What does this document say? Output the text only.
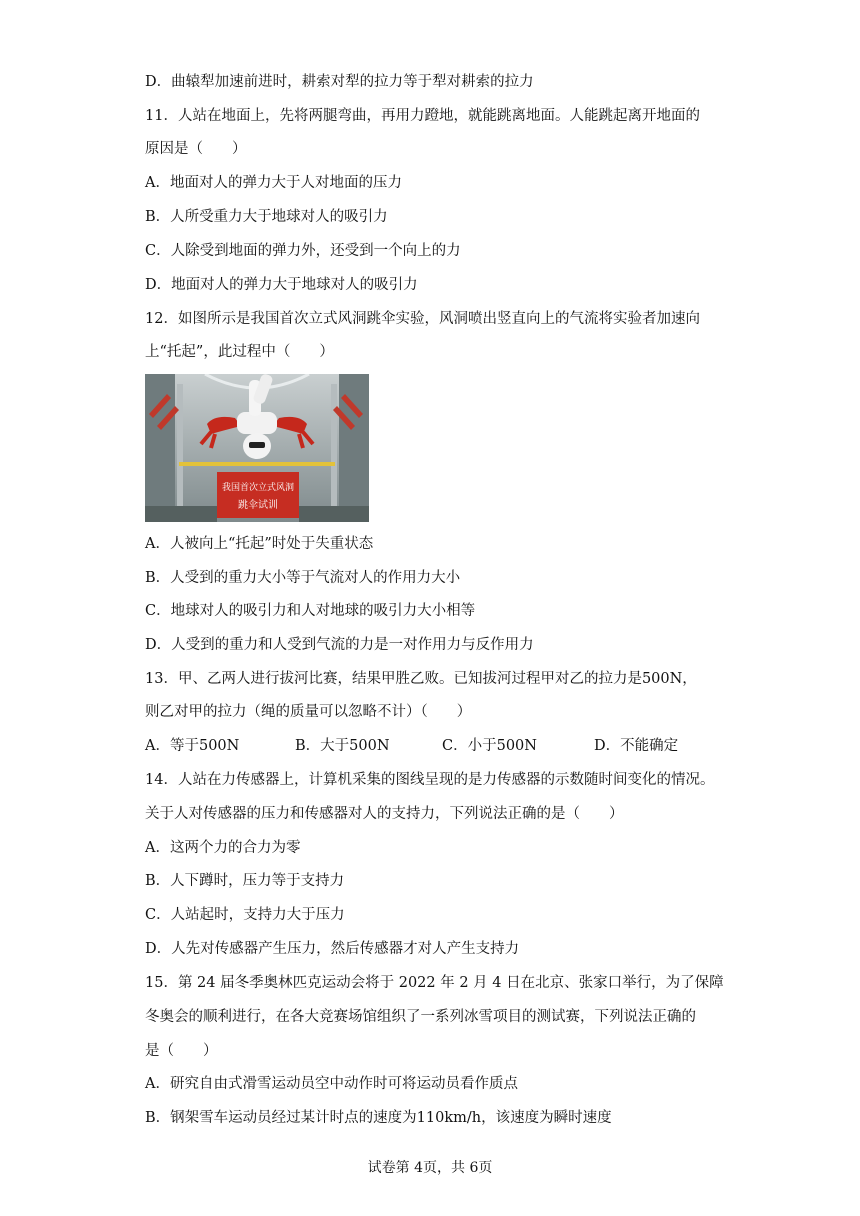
D．曲辕犁加速前进时，耕索对犁的拉力等于犁对耕索的拉力
11．人站在地面上，先将两腿弯曲，再用力蹬地，就能跳离地面。人能跳起离开地面的
原因是（　　）
A．地面对人的弹力大于人对地面的压力
B．人所受重力大于地球对人的吸引力
C．人除受到地面的弹力外，还受到一个向上的力
D．地面对人的弹力大于地球对人的吸引力
12．如图所示是我国首次立式风洞跳伞实验，风洞喷出竖直向上的气流将实验者加速向
上“托起”，此过程中（　　）
我国首次立式风洞
跳伞试训
A．人被向上“托起”时处于失重状态
B．人受到的重力大小等于气流对人的作用力大小
C．地球对人的吸引力和人对地球的吸引力大小相等
D．人受到的重力和人受到气流的力是一对作用力与反作用力
13．甲、乙两人进行拔河比赛，结果甲胜乙败。已知拔河过程甲对乙的拉力是500N，
则乙对甲的拉力（绳的质量可以忽略不计）（　　）
A．等于500N	B．大于500N	C．小于500N	D．不能确定
14．人站在力传感器上，计算机采集的图线呈现的是力传感器的示数随时间变化的情况。
关于人对传感器的压力和传感器对人的支持力，下列说法正确的是（　　）
A．这两个力的合力为零
B．人下蹲时，压力等于支持力
C．人站起时，支持力大于压力
D．人先对传感器产生压力，然后传感器才对人产生支持力
15．第 24 届冬季奥林匹克运动会将于 2022 年 2 月 4 日在北京、张家口举行，为了保障
冬奥会的顺利进行，在各大竞赛场馆组织了一系列冰雪项目的测试赛，下列说法正确的
是（　　）
A．研究自由式滑雪运动员空中动作时可将运动员看作质点
B．钢架雪车运动员经过某计时点的速度为110km/h，该速度为瞬时速度
试卷第 4页，共 6页
